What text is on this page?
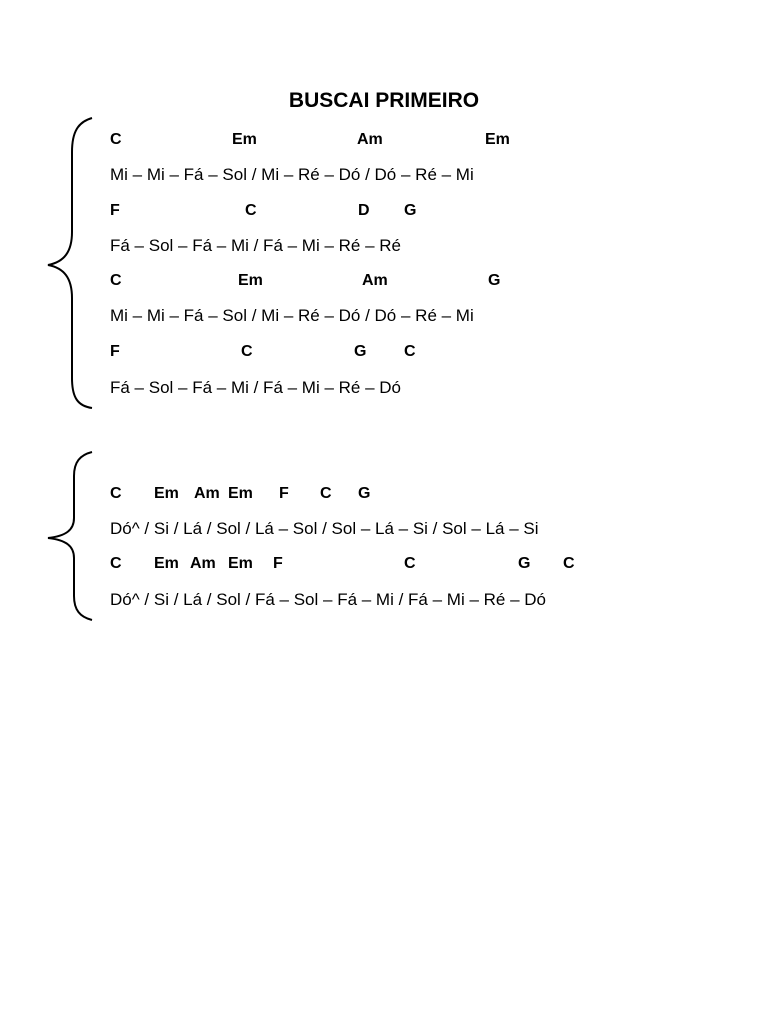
BUSCAI PRIMEIRO
C	Em	Am	Em
Mi – Mi – Fá – Sol / Mi – Ré – Dó / Dó – Ré – Mi
F	C	D G
Fá – Sol – Fá – Mi / Fá – Mi – Ré – Ré
C	Em	Am	G
Mi – Mi – Fá – Sol / Mi – Ré – Dó / Dó – Ré – Mi
F	C	G C
Fá – Sol – Fá – Mi / Fá – Mi – Ré – Dó
C Em Am Em F C G
Dó^ / Si / Lá / Sol / Lá – Sol / Sol – Lá – Si / Sol – Lá – Si
C Em Am Em F	C	G C
Dó^ / Si / Lá / Sol / Fá – Sol – Fá – Mi / Fá – Mi – Ré – Dó
